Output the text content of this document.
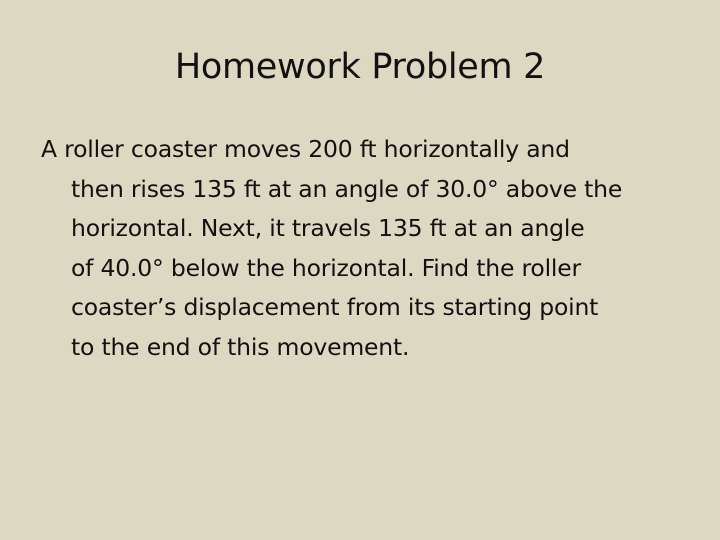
Homework Problem 2
A roller coaster moves 200 ft horizontally and
then rises 135 ft at an angle of 30.0° above the
horizontal. Next, it travels 135 ft at an angle
of 40.0° below the horizontal. Find the roller
coaster’s displacement from its starting point
to the end of this movement.
